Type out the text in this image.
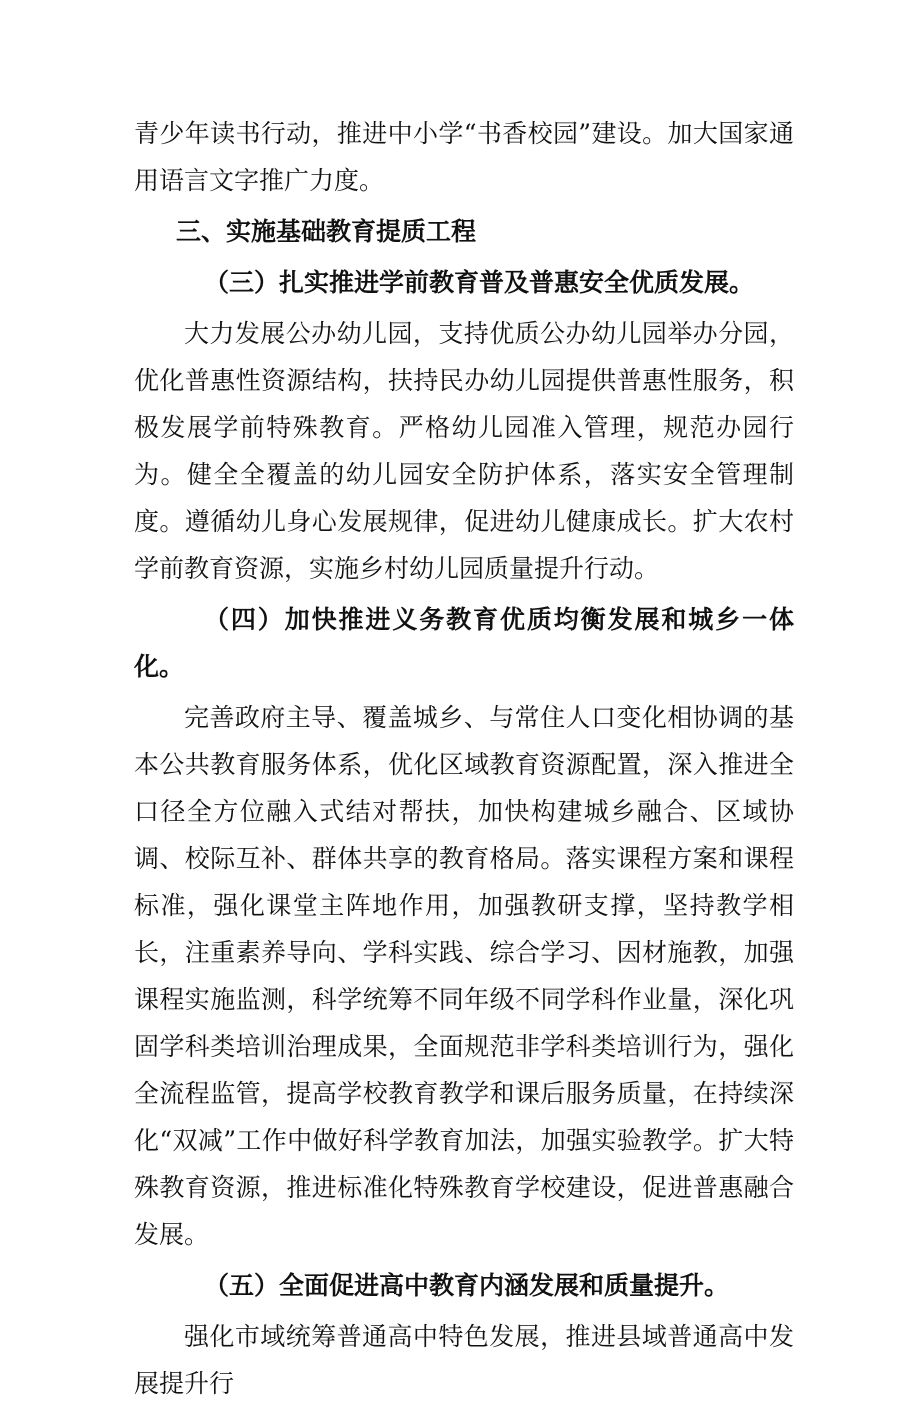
青少年读书行动，推进中小学“书香校园”建设。加大国家通用语言文字推广力度。

三、实施基础教育提质工程

（三）扎实推进学前教育普及普惠安全优质发展。

大力发展公办幼儿园，支持优质公办幼儿园举办分园，优化普惠性资源结构，扶持民办幼儿园提供普惠性服务，积极发展学前特殊教育。严格幼儿园准入管理，规范办园行为。健全全覆盖的幼儿园安全防护体系，落实安全管理制度。遵循幼儿身心发展规律，促进幼儿健康成长。扩大农村学前教育资源，实施乡村幼儿园质量提升行动。

（四）加快推进义务教育优质均衡发展和城乡一体化。

完善政府主导、覆盖城乡、与常住人口变化相协调的基本公共教育服务体系，优化区域教育资源配置，深入推进全口径全方位融入式结对帮扶，加快构建城乡融合、区域协调、校际互补、群体共享的教育格局。落实课程方案和课程标准，强化课堂主阵地作用，加强教研支撑，坚持教学相长，注重素养导向、学科实践、综合学习、因材施教，加强课程实施监测，科学统筹不同年级不同学科作业量，深化巩固学科类培训治理成果，全面规范非学科类培训行为，强化全流程监管，提高学校教育教学和课后服务质量，在持续深化“双减”工作中做好科学教育加法，加强实验教学。扩大特殊教育资源，推进标准化特殊教育学校建设，促进普惠融合发展。

（五）全面促进高中教育内涵发展和质量提升。

强化市域统筹普通高中特色发展，推进县域普通高中发展提升行
